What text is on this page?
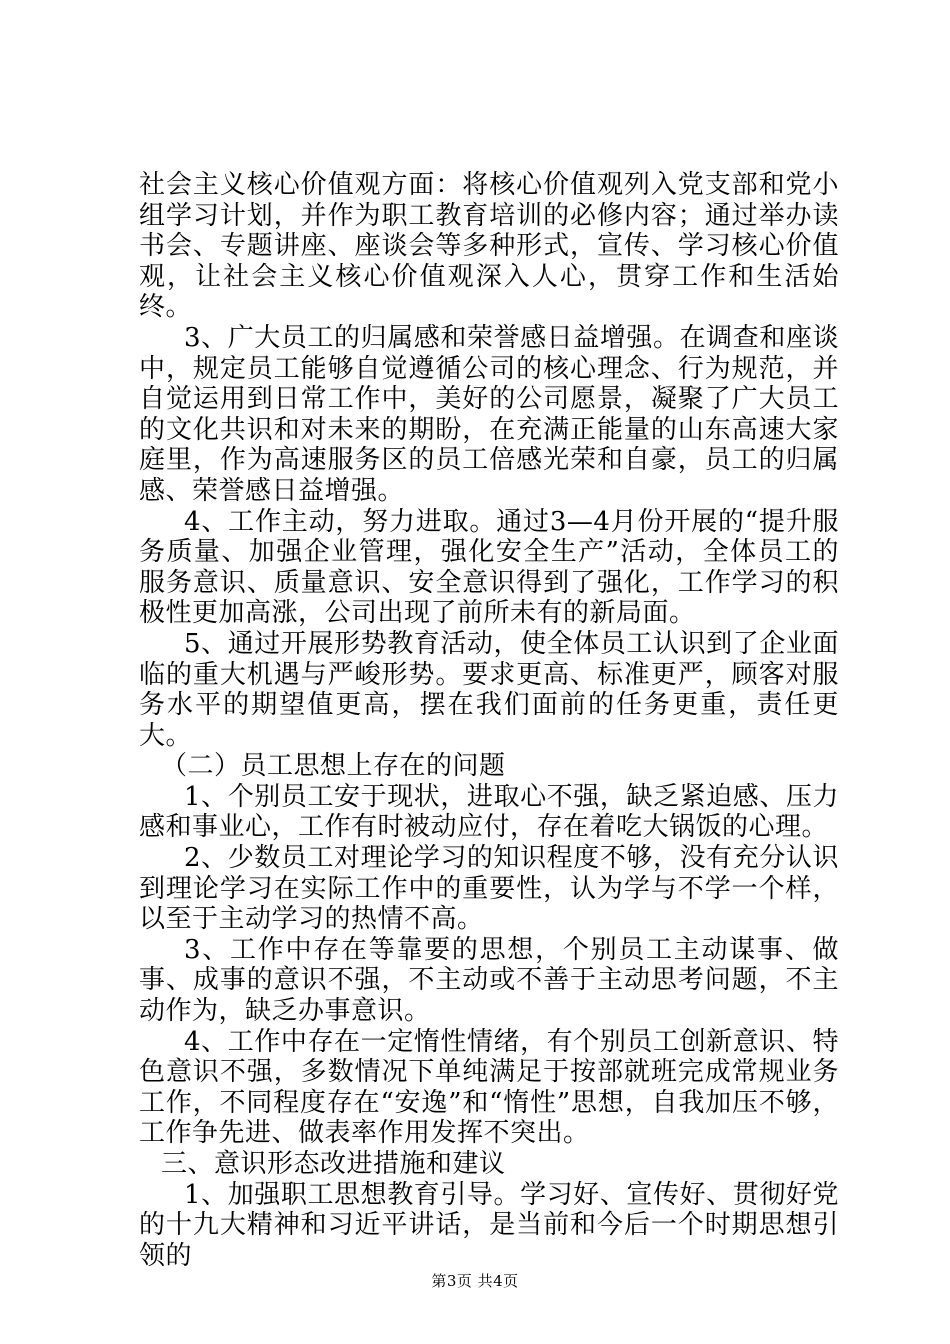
社会主义核心价值观方面：将核心价值观列入党支部和党小组学习计划，并作为职工教育培训的必修内容；通过举办读书会、专题讲座、座谈会等多种形式，宣传、学习核心价值观，让社会主义核心价值观深入人心，贯穿工作和生活始终。

3、广大员工的归属感和荣誉感日益增强。在调查和座谈中，规定员工能够自觉遵循公司的核心理念、行为规范，并自觉运用到日常工作中，美好的公司愿景，凝聚了广大员工的文化共识和对未来的期盼，在充满正能量的山东高速大家庭里，作为高速服务区的员工倍感光荣和自豪，员工的归属感、荣誉感日益增强。

4、工作主动，努力进取。通过3—4月份开展的“提升服务质量、加强企业管理，强化安全生产”活动，全体员工的服务意识、质量意识、安全意识得到了强化，工作学习的积极性更加高涨，公司出现了前所未有的新局面。

5、通过开展形势教育活动，使全体员工认识到了企业面临的重大机遇与严峻形势。要求更高、标准更严，顾客对服务水平的期望值更高，摆在我们面前的任务更重，责任更大。

（二）员工思想上存在的问题

1、个别员工安于现状，进取心不强，缺乏紧迫感、压力感和事业心，工作有时被动应付，存在着吃大锅饭的心理。

2、少数员工对理论学习的知识程度不够，没有充分认识到理论学习在实际工作中的重要性，认为学与不学一个样，以至于主动学习的热情不高。

3、工作中存在等靠要的思想，个别员工主动谋事、做事、成事的意识不强，不主动或不善于主动思考问题，不主动作为，缺乏办事意识。

4、工作中存在一定惰性情绪，有个别员工创新意识、特色意识不强，多数情况下单纯满足于按部就班完成常规业务工作，不同程度存在“安逸”和“惰性”思想，自我加压不够，工作争先进、做表率作用发挥不突出。

三、意识形态改进措施和建议

1、加强职工思想教育引导。学习好、宣传好、贯彻好党的十九大精神和习近平讲话，是当前和今后一个时期思想引领的

第3页 共4页
